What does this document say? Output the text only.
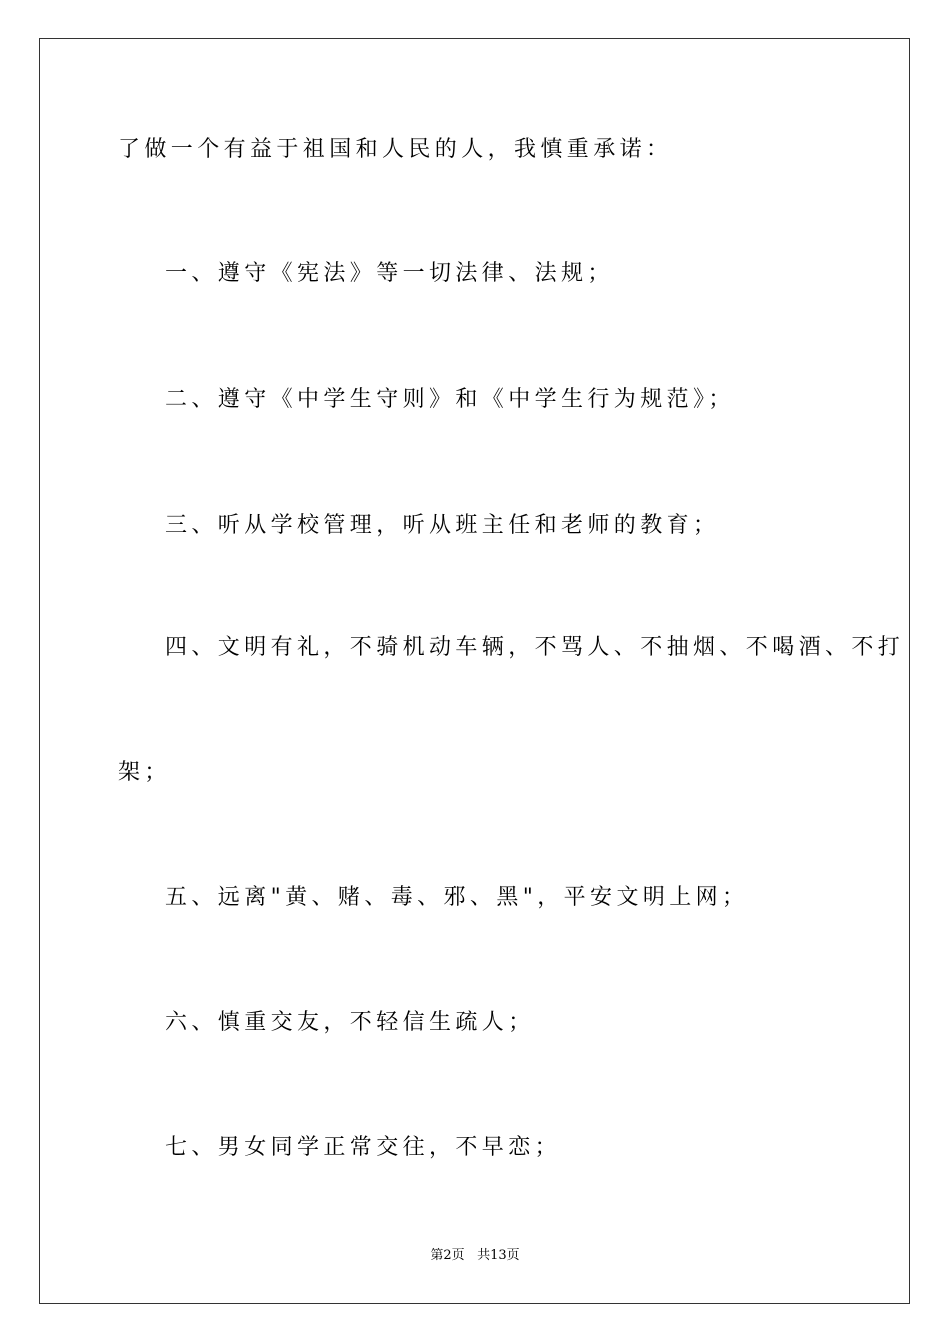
了做一个有益于祖国和人民的人，我慎重承诺：
一、遵守《宪法》等一切法律、法规；
二、遵守《中学生守则》和《中学生行为规范》；
三、听从学校管理，听从班主任和老师的教育；
四、文明有礼，不骑机动车辆，不骂人、不抽烟、不喝酒、不打
架；
五、远离"黄、赌、毒、邪、黑"，平安文明上网；
六、慎重交友，不轻信生疏人；
七、男女同学正常交往，不早恋；
第2页 共13页
